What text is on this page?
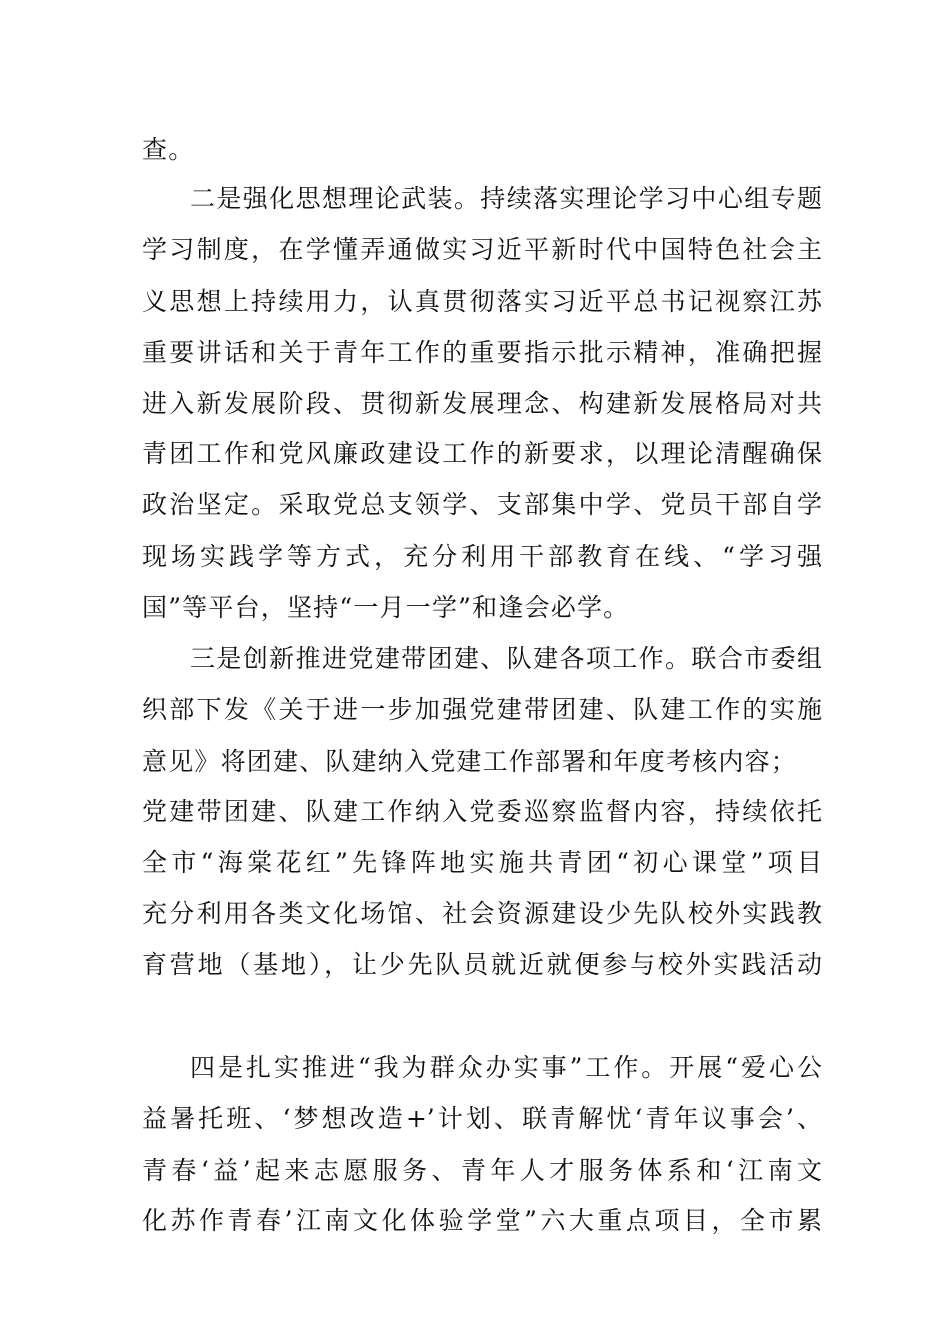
查。
二是强化思想理论武装。持续落实理论学习中心组专题
学习制度，在学懂弄通做实习近平新时代中国特色社会主
义思想上持续用力，认真贯彻落实习近平总书记视察江苏
重要讲话和关于青年工作的重要指示批示精神，准确把握
进入新发展阶段、贯彻新发展理念、构建新发展格局对共
青团工作和党风廉政建设工作的新要求，以理论清醒确保
政治坚定。采取党总支领学、支部集中学、党员干部自学
现场实践学等方式，充分利用干部教育在线、“学习强
国”等平台，坚持“一月一学”和逢会必学。
三是创新推进党建带团建、队建各项工作。联合市委组
织部下发《关于进一步加强党建带团建、队建工作的实施
意见》将团建、队建纳入党建工作部署和年度考核内容；
党建带团建、队建工作纳入党委巡察监督内容，持续依托
全市“海棠花红”先锋阵地实施共青团“初心课堂”项目
充分利用各类文化场馆、社会资源建设少先队校外实践教
育营地（基地），让少先队员就近就便参与校外实践活动
四是扎实推进“我为群众办实事”工作。开展“爱心公
益暑托班、‘梦想改造+’计划、联青解忧‘青年议事会’、
青春‘益’起来志愿服务、青年人才服务体系和‘江南文
化苏作青春’江南文化体验学堂”六大重点项目，全市累
